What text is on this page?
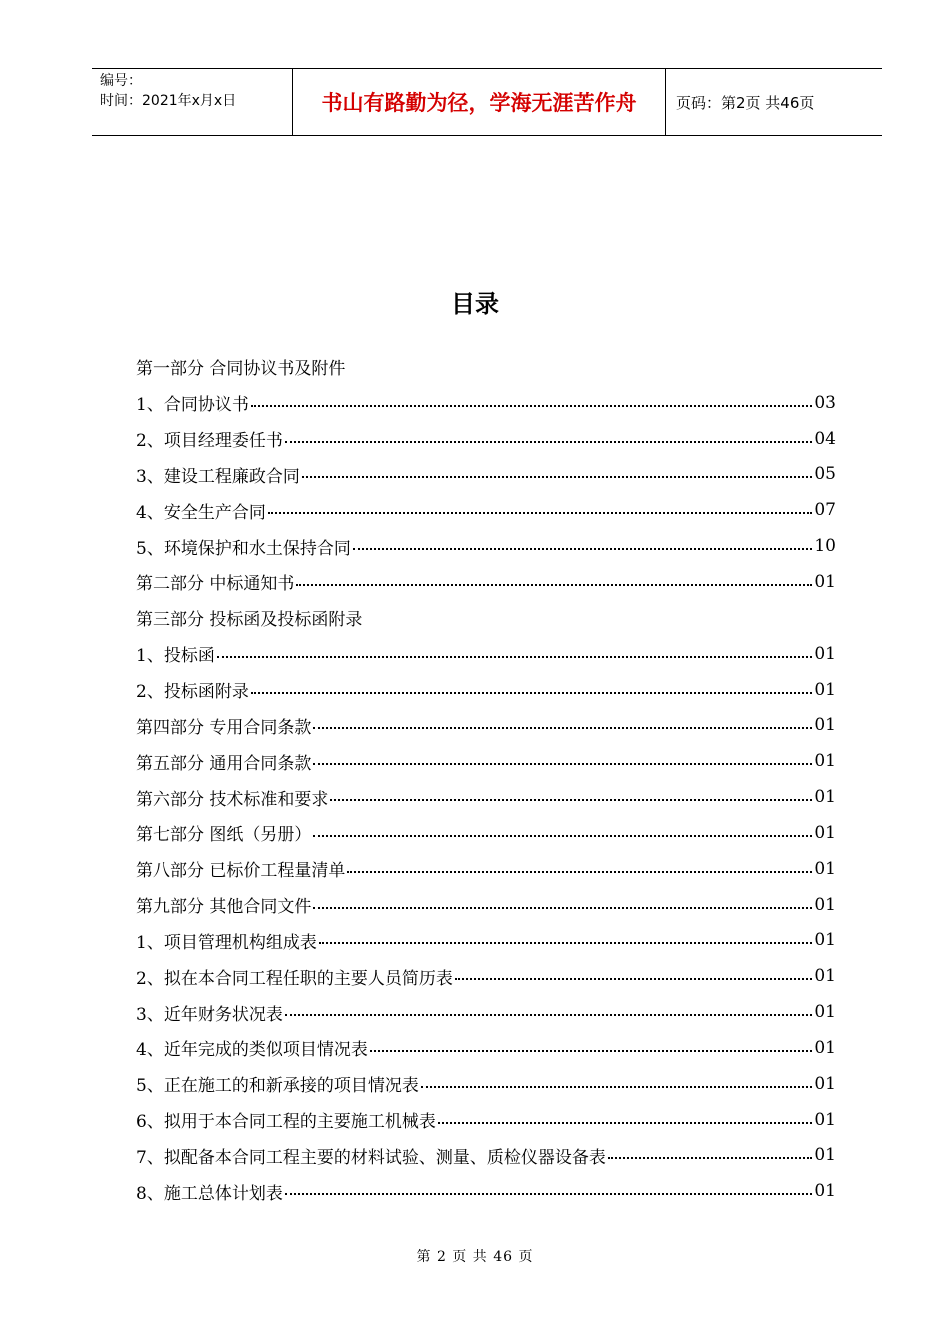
编号：
时间：2021年x月x日	书山有路勤为径，学海无涯苦作舟	页码：第2页 共46页
目录
第一部分 合同协议书及附件
1、合同协议书	03
2、项目经理委任书	04
3、建设工程廉政合同	05
4、安全生产合同	07
5、环境保护和水土保持合同	10
第二部分 中标通知书	01
第三部分 投标函及投标函附录
1、投标函	01
2、投标函附录	01
第四部分 专用合同条款	01
第五部分 通用合同条款	01
第六部分 技术标准和要求	01
第七部分 图纸（另册）	01
第八部分 已标价工程量清单	01
第九部分 其他合同文件	01
1、项目管理机构组成表	01
2、拟在本合同工程任职的主要人员简历表	01
3、近年财务状况表	01
4、近年完成的类似项目情况表	01
5、正在施工的和新承接的项目情况表	01
6、拟用于本合同工程的主要施工机械表	01
7、拟配备本合同工程主要的材料试验、测量、质检仪器设备表	01
8、施工总体计划表	01
第 2 页 共 46 页
